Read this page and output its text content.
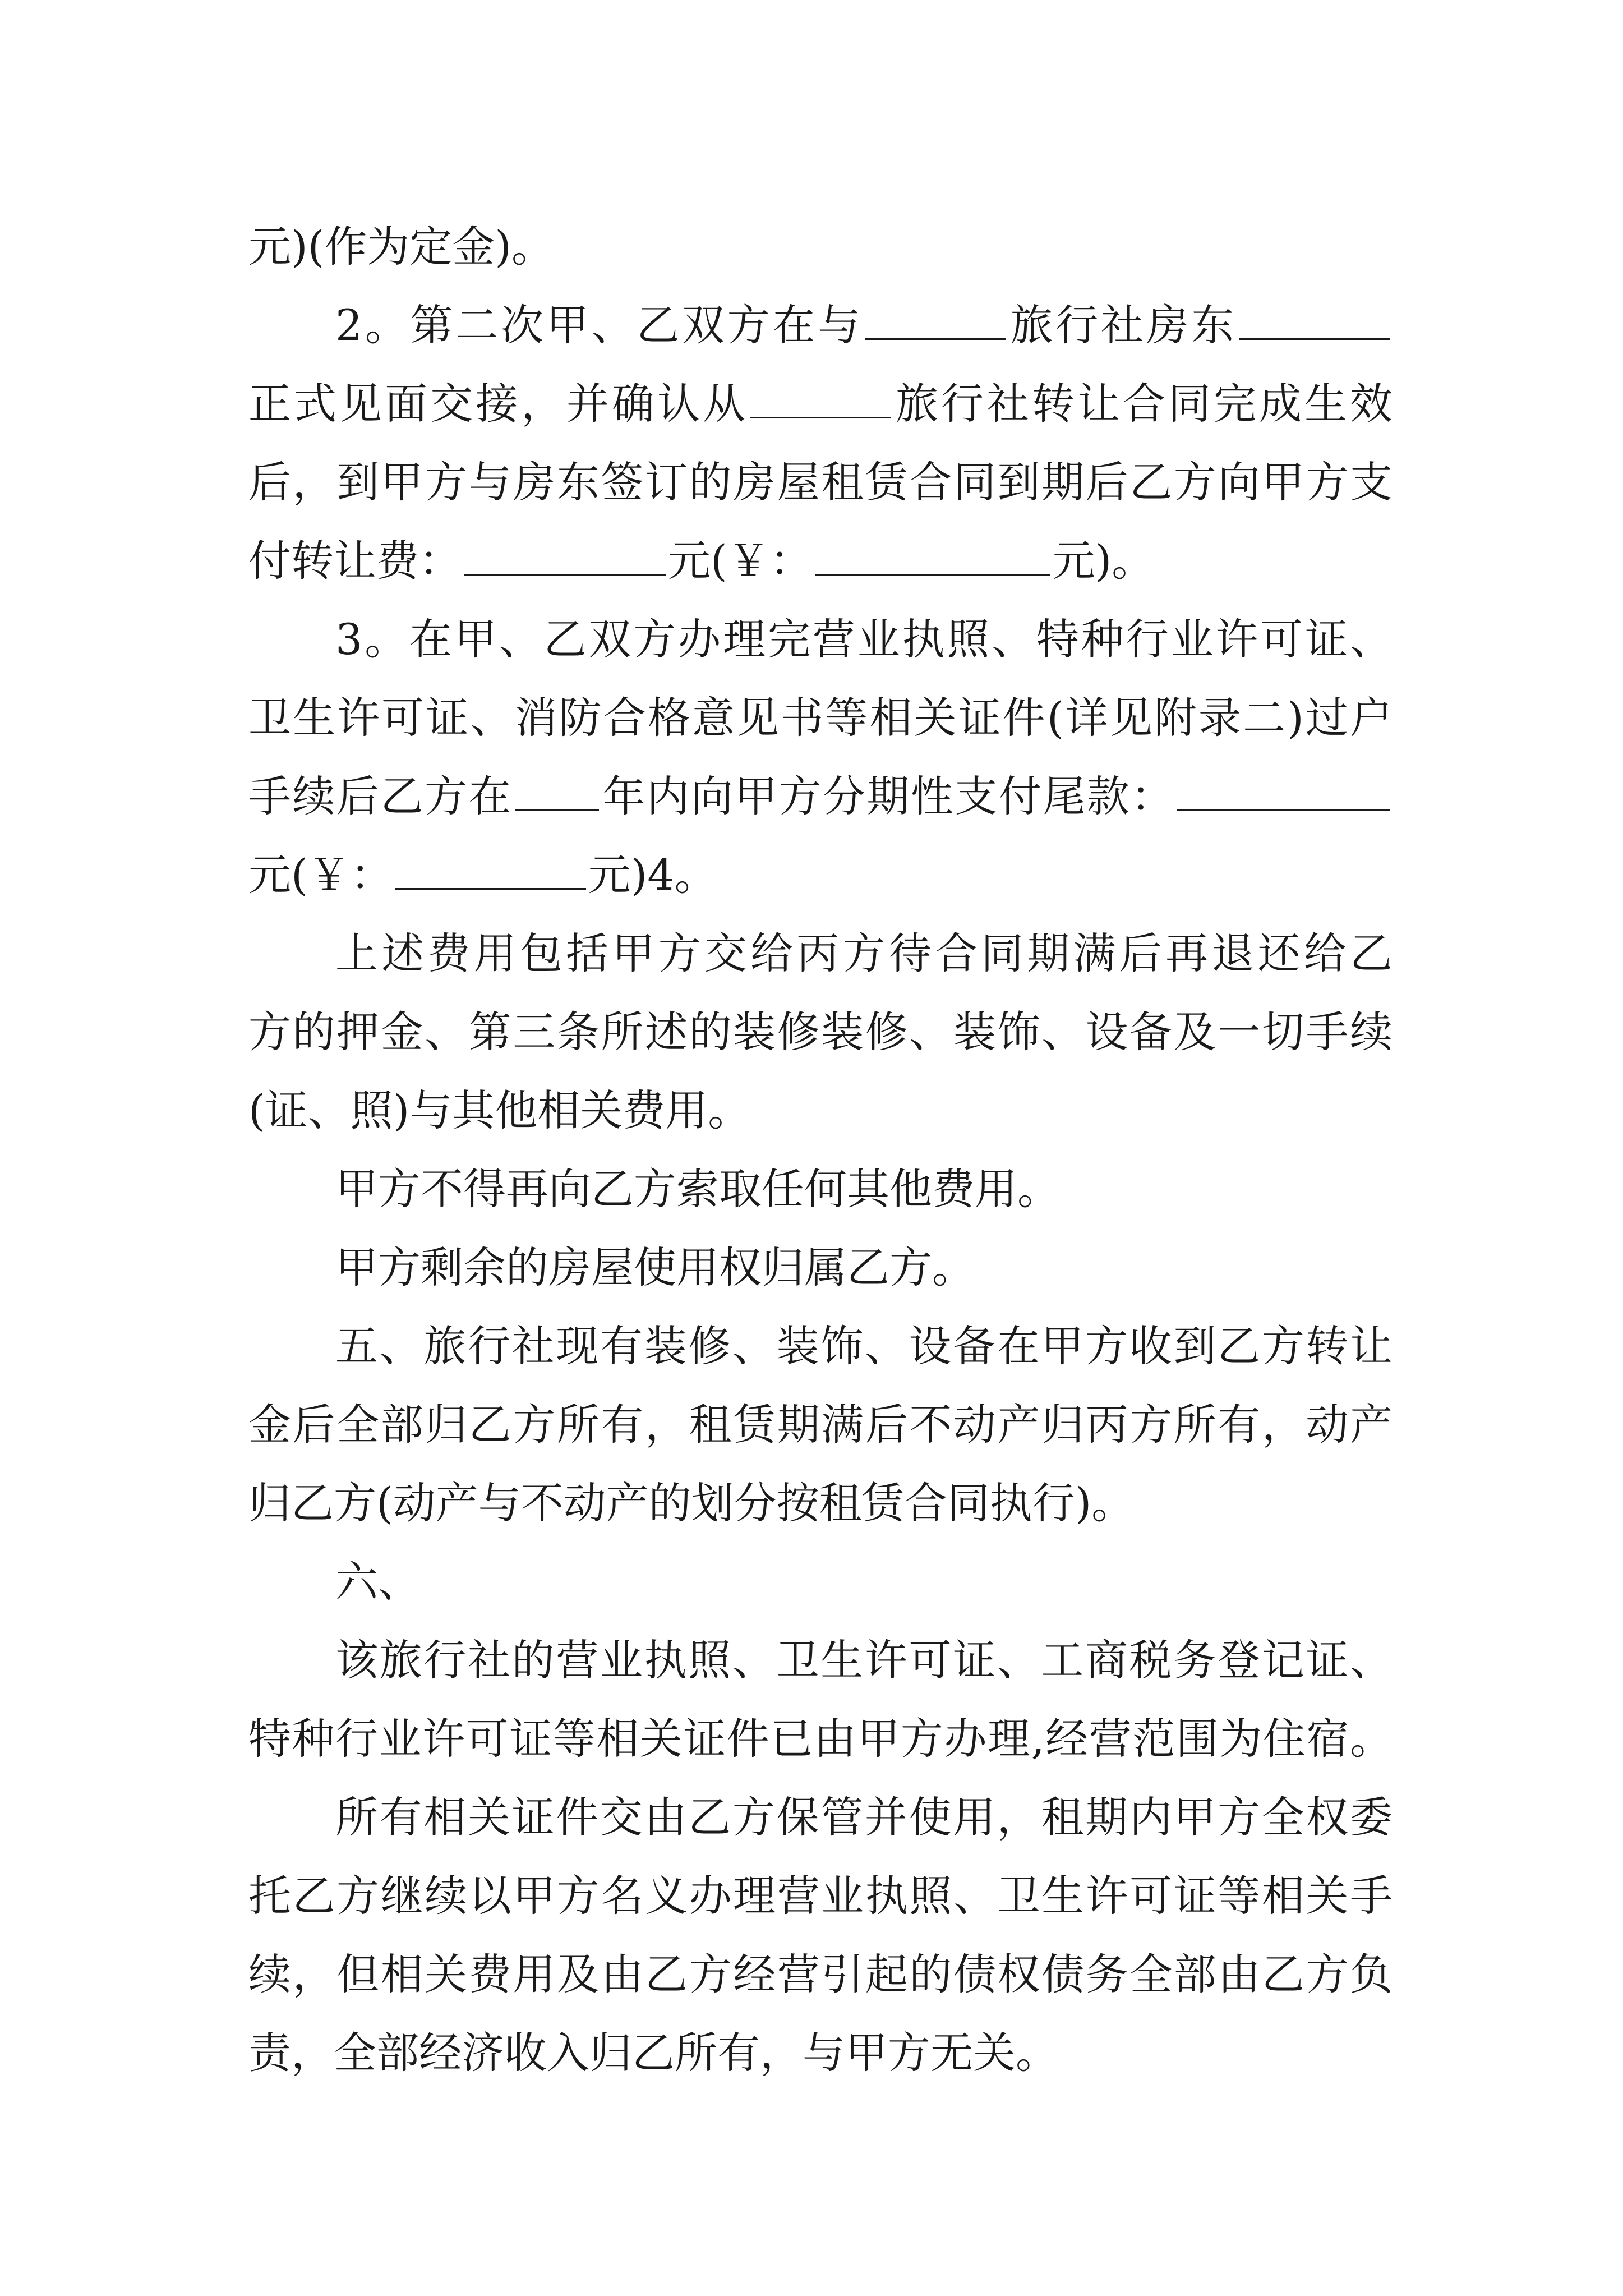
元)(作为定金)。
2。第二次甲、乙双方在与	旅行社房东
正式见面交接，并确认从	旅行社转让合同完成生效
后，到甲方与房东签订的房屋租赁合同到期后乙方向甲方支
付转让费：	元(￥：	元)。
3。在甲、乙双方办理完营业执照、特种行业许可证、
卫生许可证、消防合格意见书等相关证件(详见附录二)过户
手续后乙方在 年内向甲方分期性支付尾款：
元(￥：	元)4。
上述费用包括甲方交给丙方待合同期满后再退还给乙
方的押金、第三条所述的装修装修、装饰、设备及一切手续
(证、照)与其他相关费用。
甲方不得再向乙方索取任何其他费用。
甲方剩余的房屋使用权归属乙方。
五、旅行社现有装修、装饰、设备在甲方收到乙方转让
金后全部归乙方所有，租赁期满后不动产归丙方所有，动产
归乙方(动产与不动产的划分按租赁合同执行)。
六、
该旅行社的营业执照、卫生许可证、工商税务登记证、
特种行业许可证等相关证件已由甲方办理,经营范围为住宿。
所有相关证件交由乙方保管并使用，租期内甲方全权委
托乙方继续以甲方名义办理营业执照、卫生许可证等相关手
续，但相关费用及由乙方经营引起的债权债务全部由乙方负
责，全部经济收入归乙所有，与甲方无关。
